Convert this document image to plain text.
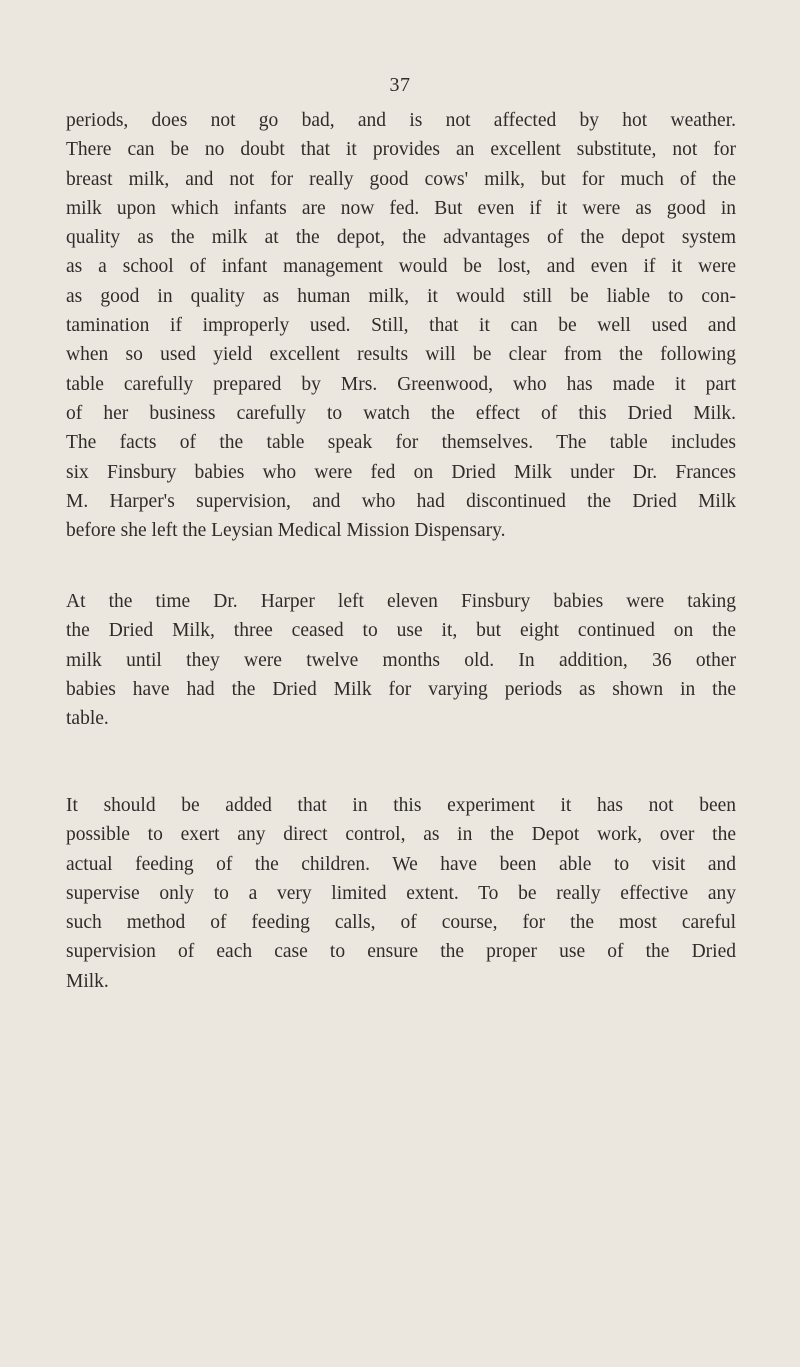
37
periods, does not go bad, and is not affected by hot weather.
There can be no doubt that it provides an excellent substitute, not for
breast milk, and not for really good cows' milk, but for much of the
milk upon which infants are now fed. But even if it were as good in
quality as the milk at the depot, the advantages of the depot system
as a school of infant management would be lost, and even if it were
as good in quality as human milk, it would still be liable to con-
tamination if improperly used. Still, that it can be well used and
when so used yield excellent results will be clear from the following
table carefully prepared by Mrs. Greenwood, who has made it part
of her business carefully to watch the effect of this Dried Milk.
The facts of the table speak for themselves. The table includes
six Finsbury babies who were fed on Dried Milk under Dr. Frances
M. Harper's supervision, and who had discontinued the Dried Milk
before she left the Leysian Medical Mission Dispensary.
At the time Dr. Harper left eleven Finsbury babies were taking
the Dried Milk, three ceased to use it, but eight continued on the
milk until they were twelve months old. In addition, 36 other
babies have had the Dried Milk for varying periods as shown in the
table.
It should be added that in this experiment it has not been
possible to exert any direct control, as in the Depot work, over the
actual feeding of the children. We have been able to visit and
supervise only to a very limited extent. To be really effective any
such method of feeding calls, of course, for the most careful
supervision of each case to ensure the proper use of the Dried
Milk.
